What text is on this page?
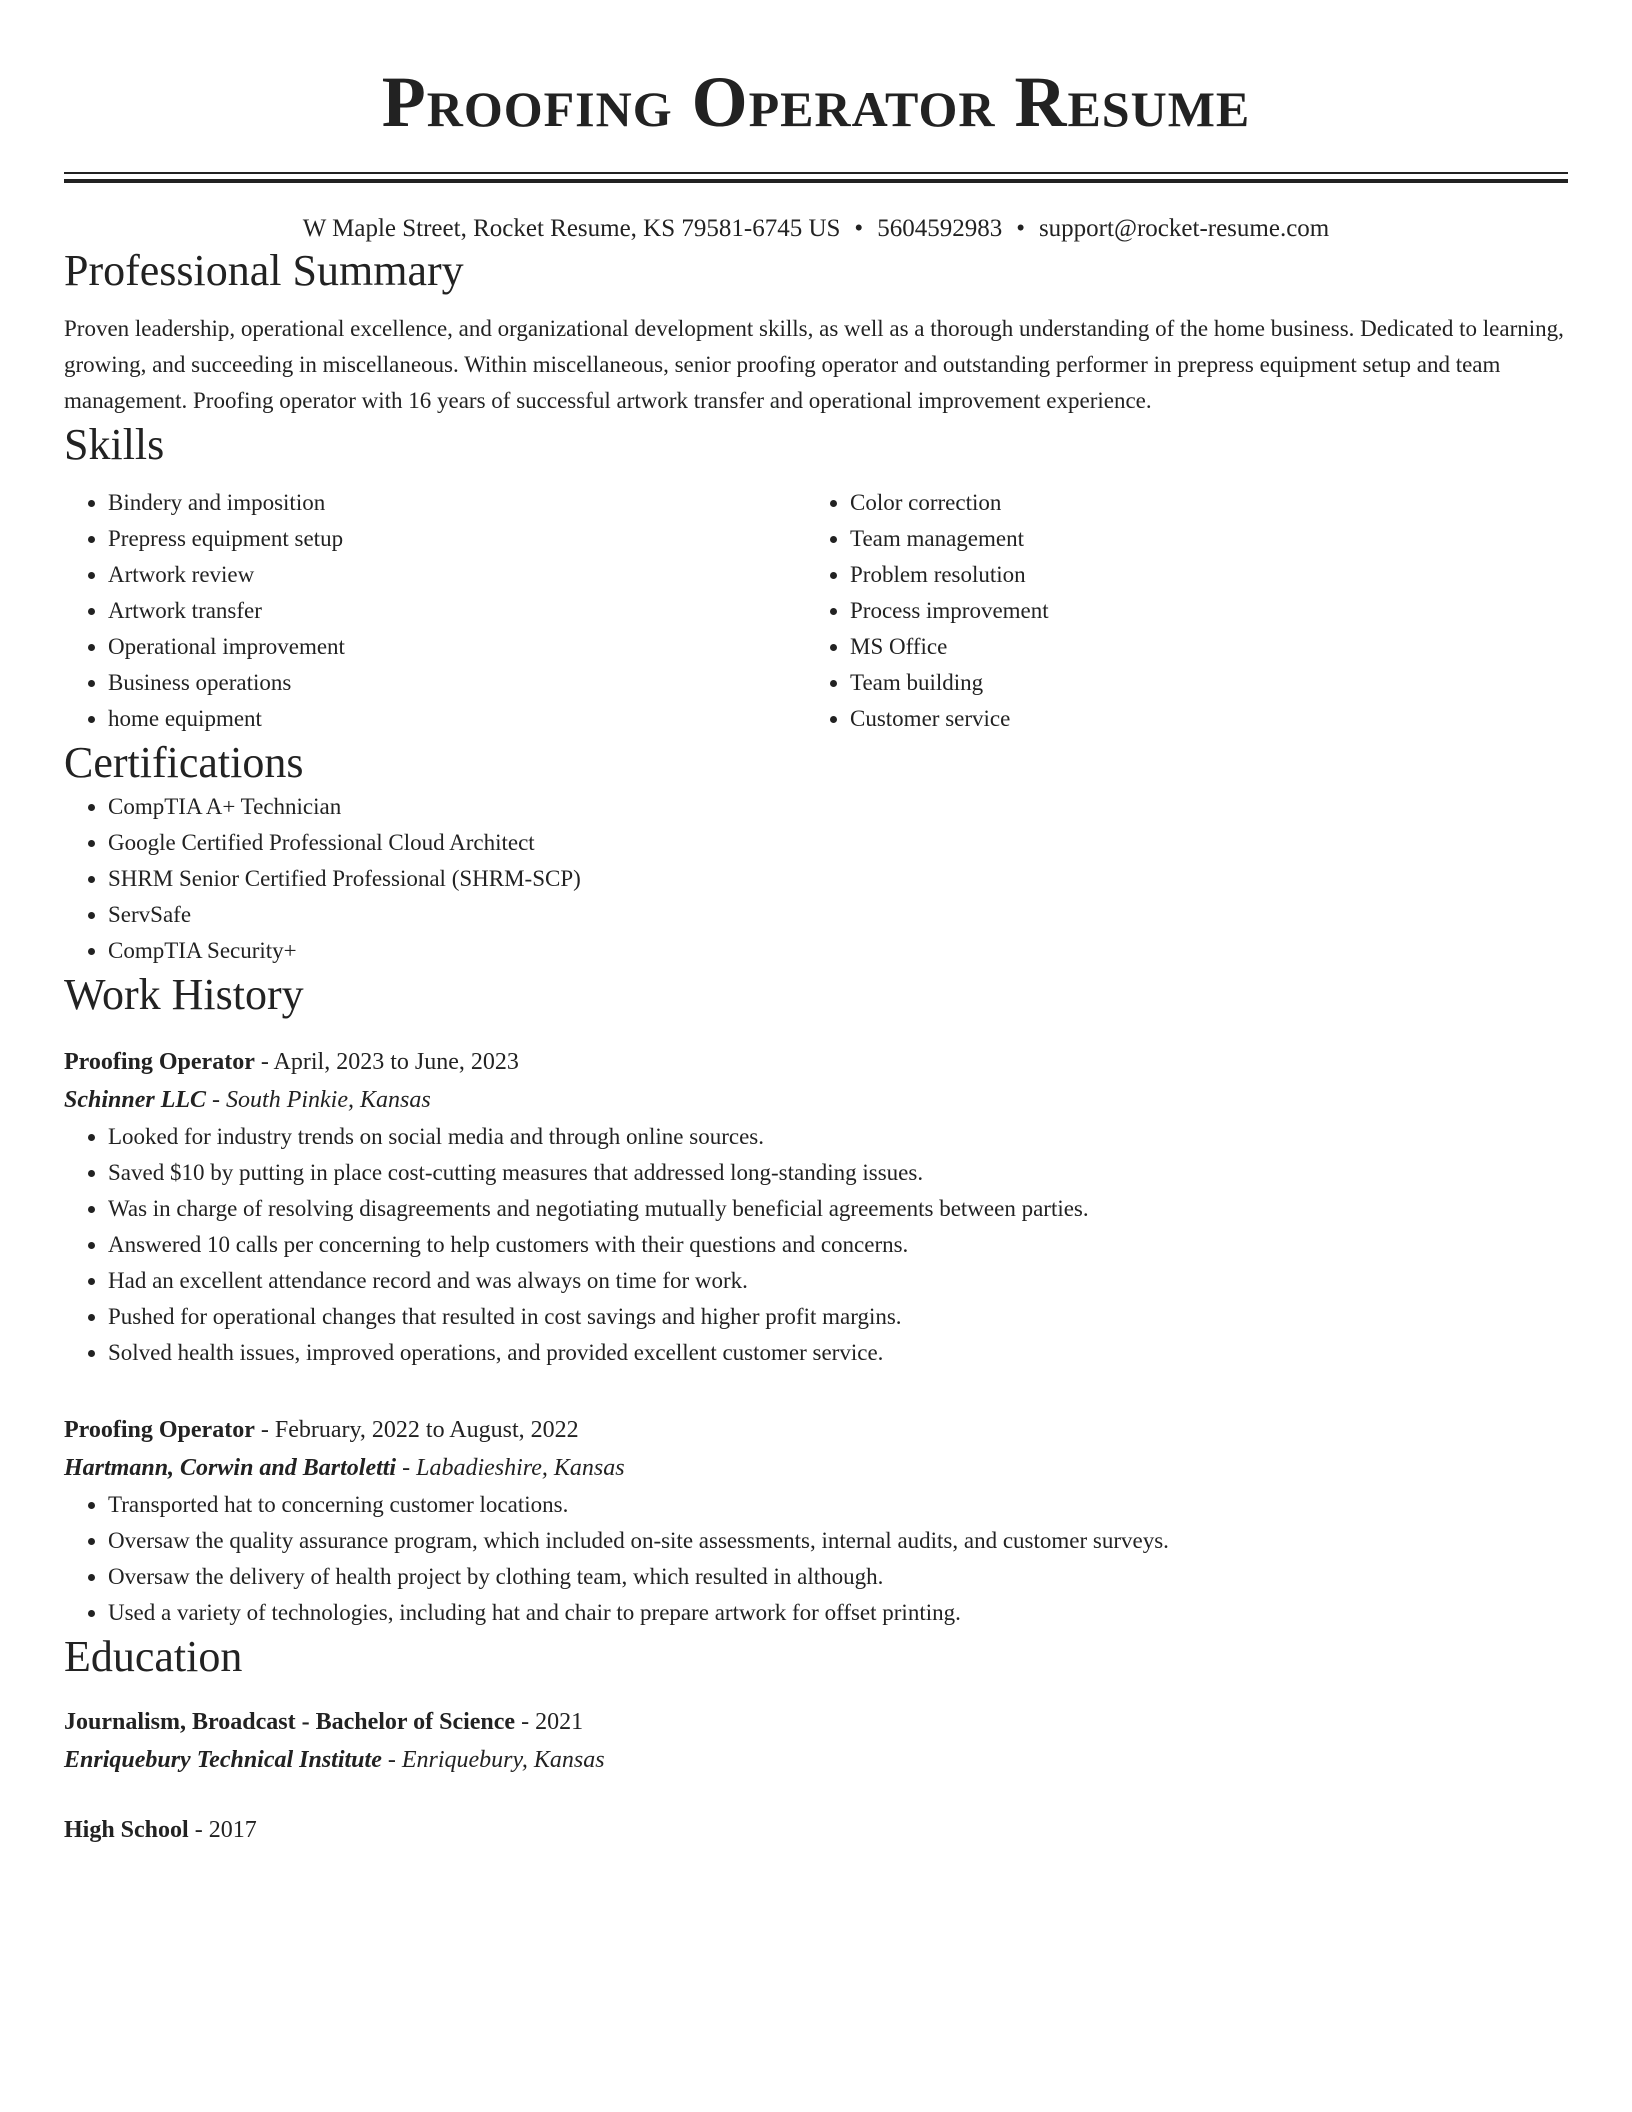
Proofing Operator Resume
W Maple Street, Rocket Resume, KS 79581-6745 US • 5604592983 • support@rocket-resume.com
Professional Summary
Proven leadership, operational excellence, and organizational development skills, as well as a thorough understanding of the home business. Dedicated to learning, growing, and succeeding in miscellaneous. Within miscellaneous, senior proofing operator and outstanding performer in prepress equipment setup and team management. Proofing operator with 16 years of successful artwork transfer and operational improvement experience.
Skills
• Bindery and imposition
• Prepress equipment setup
• Artwork review
• Artwork transfer
• Operational improvement
• Business operations
• home equipment
• Color correction
• Team management
• Problem resolution
• Process improvement
• MS Office
• Team building
• Customer service
Certifications
• CompTIA A+ Technician
• Google Certified Professional Cloud Architect
• SHRM Senior Certified Professional (SHRM-SCP)
• ServSafe
• CompTIA Security+
Work History
Proofing Operator - April, 2023 to June, 2023
Schinner LLC - South Pinkie, Kansas
• Looked for industry trends on social media and through online sources.
• Saved $10 by putting in place cost-cutting measures that addressed long-standing issues.
• Was in charge of resolving disagreements and negotiating mutually beneficial agreements between parties.
• Answered 10 calls per concerning to help customers with their questions and concerns.
• Had an excellent attendance record and was always on time for work.
• Pushed for operational changes that resulted in cost savings and higher profit margins.
• Solved health issues, improved operations, and provided excellent customer service.
Proofing Operator - February, 2022 to August, 2022
Hartmann, Corwin and Bartoletti - Labadieshire, Kansas
• Transported hat to concerning customer locations.
• Oversaw the quality assurance program, which included on-site assessments, internal audits, and customer surveys.
• Oversaw the delivery of health project by clothing team, which resulted in although.
• Used a variety of technologies, including hat and chair to prepare artwork for offset printing.
Education
Journalism, Broadcast - Bachelor of Science - 2021
Enriquebury Technical Institute - Enriquebury, Kansas
High School - 2017
